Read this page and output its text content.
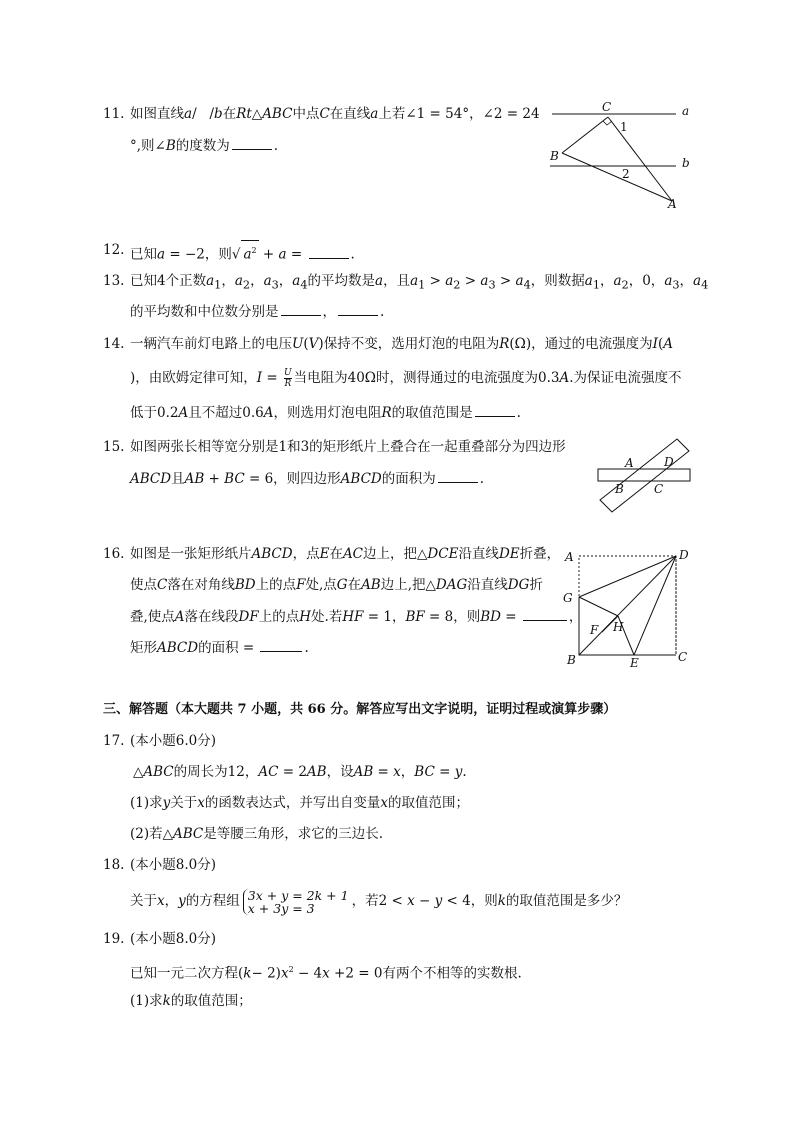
11. 如图直线a/   /b在Rt△ABC中点C在直线a上若∠1 = 54°，∠2 = 24
°,则∠B的度数为	.
C	a
B	b
A
1
2
12. 已知a = −2，则√ $a^2 + a$ =	.
13. 已知4个正数$a_1$，$a_2$，$a_3$，$a_4$的平均数是a，且$a_1 > a_2 > a_3 > a_4$，则数据$a_1$，$a_2$，0，$a_3$，$a_4$
的平均数和中位数分别是	，	.
14. 一辆汽车前灯电路上的电压U(V)保持不变，选用灯泡的电阻为R(Ω)，通过的电流强度为I(A
)，由欧姆定律可知，$I = \frac{U}{R}$ 当电阻为40Ω时，测得通过的电流强度为0.3A.为保证电流强度不
低于0.2A且不超过0.6A，则选用灯泡电阻R的取值范围是	.
15. 如图两张长相等宽分别是1和3的矩形纸片上叠合在一起重叠部分为四边形
ABCD且AB + BC = 6，则四边形ABCD的面积为	.
A	D
B	C
16. 如图是一张矩形纸片ABCD，点E在AC边上，把△DCE沿直线DE折叠，
使点C落在对角线BD上的点F处,点G在AB边上,把△DAG沿直线DG折
叠,使点A落在线段DF上的点H处.若HF = 1，BF = 8，则BD =	，
矩形ABCD的面积 =	.
A	D
G
F H
B	E	C
三、解答题（本大题共 7 小题，共 66 分。解答应写出文字说明，证明过程或演算步骤）
17. (本小题6.0分)
△ABC的周长为12，AC = 2AB，设AB = x，BC = y.
(1)求y关于x的函数表达式，并写出自变量x的取值范围；
(2)若△ABC是等腰三角形，求它的三边长.
18. (本小题8.0分)
关于x，y的方程组 3x + y = 2k + 1
x + 3y = 3	，若2 < x − y < 4，则k的取值范围是多少？
19. (本小题8.0分)
已知一元二次方程$(k- 2)x^2 - 4x +2 = 0$有两个不相等的实数根.
(1)求k的取值范围；
